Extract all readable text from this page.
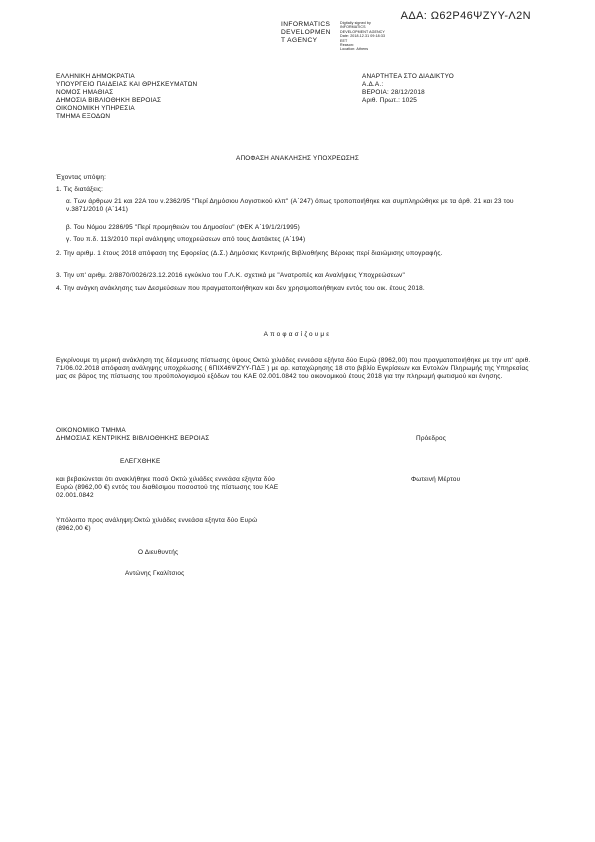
ΑΔΑ: Ω62Ρ46ΨΖΥΥ-Λ2Ν
INFORMATICS
DEVELOPMEN
T AGENCY
Digitally signed by
INFORMATICS
DEVELOPMENT AGENCY
Date: 2018.12.31 09:18:33
EET
Reason:
Location: Athens
ΕΛΛΗΝΙΚΗ ΔΗΜΟΚΡΑΤΙΑ
ΥΠΟΥΡΓΕΙΟ ΠΑΙΔΕΙΑΣ ΚΑΙ ΘΡΗΣΚΕΥΜΑΤΩΝ
ΝΟΜΟΣ ΗΜΑΘΙΑΣ
ΔΗΜΟΣΙΑ ΒΙΒΛΙΟΘΗΚΗ ΒΕΡΟΙΑΣ
ΟΙΚΟΝΟΜΙΚΗ ΥΠΗΡΕΣΙΑ
ΤΜΗΜΑ ΕΞΟΔΩΝ
ΑΝΑΡΤΗΤΕΑ ΣΤΟ ΔΙΑΔΙΚΤΥΟ
Α.Δ.Α.:
ΒΕΡΟΙΑ: 28/12/2018
Αριθ. Πρωτ.: 1025
ΑΠΟΦΑΣΗ ΑΝΑΚΛΗΣΗΣ ΥΠΟΧΡΕΩΣΗΣ
Έχοντας υπόψη:
1. Τις διατάξεις:
α. Των άρθρων 21 και 22Α του ν.2362/95 "Περί Δημόσιου Λογιστικού κλπ" (Α΄247) όπως τροποποιήθηκε και συμπληρώθηκε με τα άρθ. 21 και 23 του ν.3871/2010 (Α΄141)
β. Του Νόμου 2286/95 "Περί προμηθειών του Δημοσίου" (ΦΕΚ Α΄19/1/2/1995)
γ. Του π.δ. 113/2010 περί ανάληψης υποχρεώσεων από τους Διατάκτες (Α΄194)
2. Την αριθμ. 1 έτους 2018 απόφαση της Εφορείας (Δ.Σ.) Δημόσιας Κεντρικής Βιβλιοθήκης Βέροιας περί διαιώμισης υπογραφής.
3. Την υπ' αριθμ. 2/8870/0026/23.12.2016 εγκύκλιο του Γ.Λ.Κ. σχετικά με "Ανατροπές και Αναλήψεις Υποχρεώσεων"
4. Την ανάγκη ανάκλησης των Δεσμεύσεων που πραγματοποιήθηκαν και δεν χρησιμοποιήθηκαν εντός του οικ. έτους 2018.
Αποφασίζουμε
Εγκρίνουμε τη μερική ανάκληση της δέσμευσης πίστωσης ύψους Οκτώ χιλιάδες εννεάσα εξήντα δύο Ευρώ (8962,00) που πραγματοποιήθηκε με την υπ' αριθ. 71/06.02.2018 απόφαση ανάληψης υποχρέωσης ( 6ΠΙΧ46ΨΖΥΥ-ΠΔΞ ) με αρ. καταχώρησης 18 στο βιβλίο Εγκρίσεων και Εντολών Πληρωμής της Υπηρεσίας μας σε βάρος της πίστωσης του προϋπολογισμού εξόδων του ΚΑΕ 02.001.0842 του οικονομικού έτους 2018 για την πληρωμή φωτισμού και ένησης.
ΟΙΚΟΝΟΜΙΚΟ ΤΜΗΜΑ
ΔΗΜΟΣΙΑΣ ΚΕΝΤΡΙΚΗΣ ΒΙΒΛΙΟΘΗΚΗΣ ΒΕΡΟΙΑΣ	Πρόεδρος
ΕΛΕΓΧΘΗΚΕ
και βεβαιώνεται ότι ανακλήθηκε ποσό Οκτώ χιλιάδες εννεάσα εξηντα δύο Ευρώ (8962,00 €) εντός του διαθέσιμου ποσοστού της πίστωσης του ΚΑΕ 02.001.0842
Φωτεινή Μέρτου
Υπόλοιπο προς ανάληψη:Οκτώ χιλιάδες εννεάσα εξηντα δύο Ευρώ (8962,00 €)
Ο Διευθυντής
Αντώνης Γκαλίτσιος
